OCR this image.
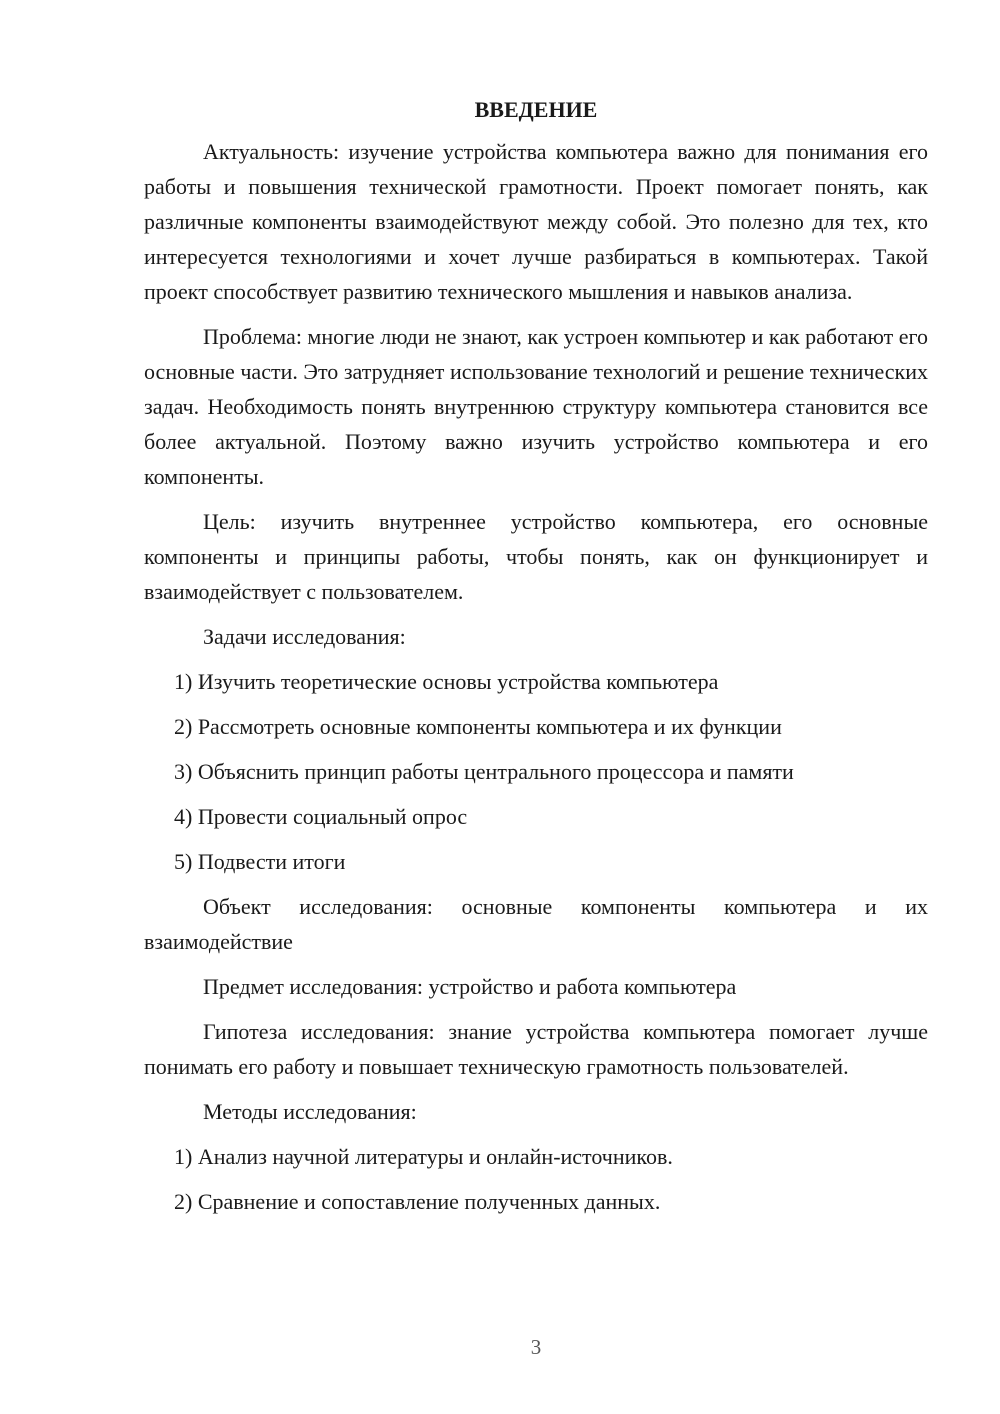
ВВЕДЕНИЕ

Актуальность: изучение устройства компьютера важно для понимания его работы и повышения технической грамотности. Проект помогает понять, как различные компоненты взаимодействуют между собой. Это полезно для тех, кто интересуется технологиями и хочет лучше разбираться в компьютерах. Такой проект способствует развитию технического мышления и навыков анализа.

Проблема: многие люди не знают, как устроен компьютер и как работают его основные части. Это затрудняет использование технологий и решение технических задач. Необходимость понять внутреннюю структуру компьютера становится все более актуальной. Поэтому важно изучить устройство компьютера и его компоненты.

Цель: изучить внутреннее устройство компьютера, его основные компоненты и принципы работы, чтобы понять, как он функционирует и взаимодействует с пользователем.

Задачи исследования:

1) Изучить теоретические основы устройства компьютера
2) Рассмотреть основные компоненты компьютера и их функции
3) Объяснить принцип работы центрального процессора и памяти
4) Провести социальный опрос
5) Подвести итоги

Объект исследования: основные компоненты компьютера и их взаимодействие

Предмет исследования: устройство и работа компьютера

Гипотеза исследования: знание устройства компьютера помогает лучше понимать его работу и повышает техническую грамотность пользователей.

Методы исследования:

1) Анализ научной литературы и онлайн-источников.
2) Сравнение и сопоставление полученных данных.
3
